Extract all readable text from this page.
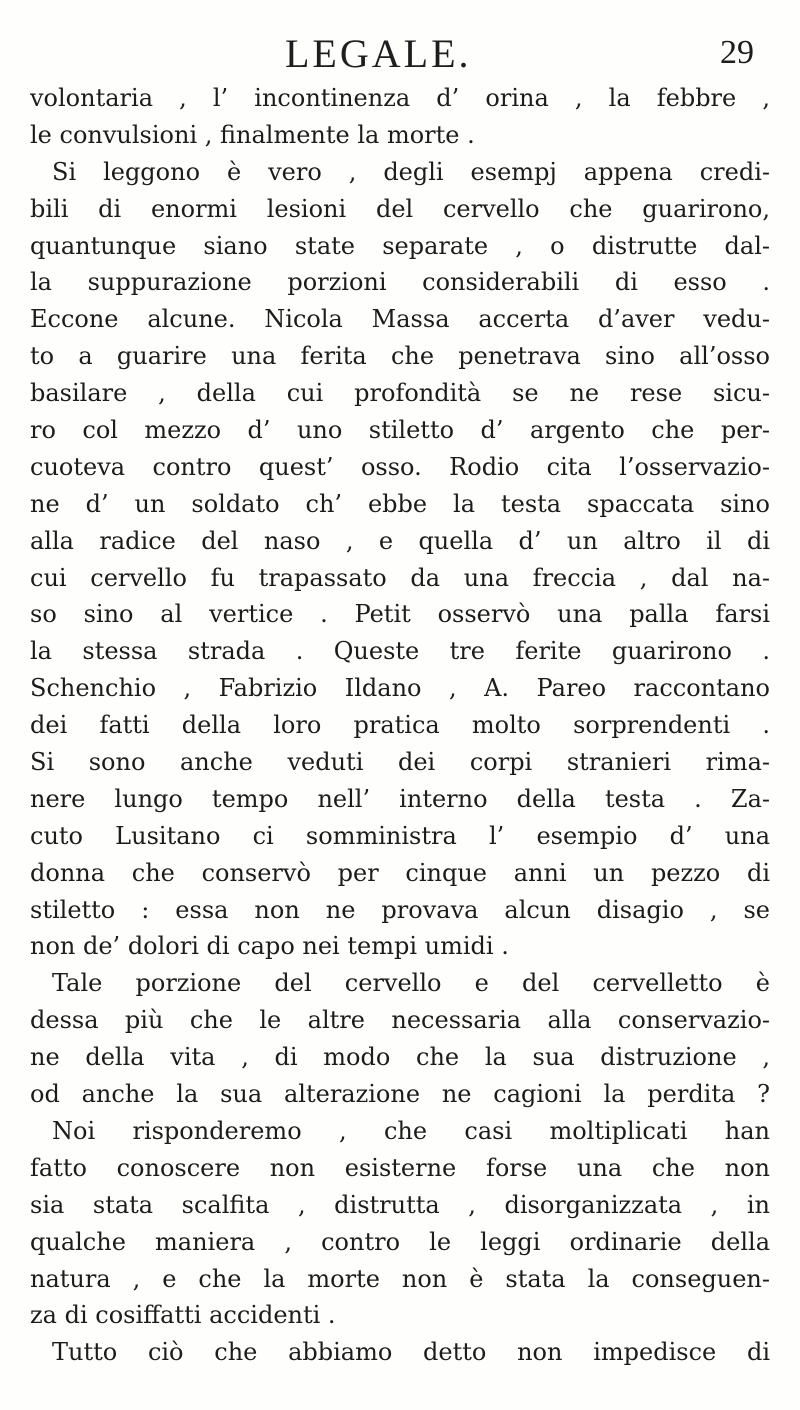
LEGALE.	29
volontaria , l’ incontinenza d’ orina , la febbre ,
le convulsioni , finalmente la morte .
Si leggono è vero , degli esempj appena credi-
bili di enormi lesioni del cervello che guarirono,
quantunque siano state separate , o distrutte dal-
la suppurazione porzioni considerabili di esso .
Eccone alcune. Nicola Massa accerta d’aver vedu-
to a guarire una ferita che penetrava sino all’osso
basilare , della cui profondità se ne rese sicu-
ro col mezzo d’ uno stiletto d’ argento che per-
cuoteva contro quest’ osso. Rodio cita l’osservazio-
ne d’ un soldato ch’ ebbe la testa spaccata sino
alla radice del naso , e quella d’ un altro il di
cui cervello fu trapassato da una freccia , dal na-
so sino al vertice . Petit osservò una palla farsi
la stessa strada . Queste tre ferite guarirono .
Schenchio , Fabrizio Ildano , A. Pareo raccontano
dei fatti della loro pratica molto sorprendenti .
Si sono anche veduti dei corpi stranieri rima-
nere lungo tempo nell’ interno della testa . Za-
cuto Lusitano ci somministra l’ esempio d’ una
donna che conservò per cinque anni un pezzo di
stiletto : essa non ne provava alcun disagio , se
non de’ dolori di capo nei tempi umidi .
Tale porzione del cervello e del cervelletto è
dessa più che le altre necessaria alla conservazio-
ne della vita , di modo che la sua distruzione ,
od anche la sua alterazione ne cagioni la perdita ?
Noi risponderemo , che casi moltiplicati han
fatto conoscere non esisterne forse una che non
sia stata scalfita , distrutta , disorganizzata , in
qualche maniera , contro le leggi ordinarie della
natura , e che la morte non è stata la conseguen-
za di cosiffatti accidenti .
Tutto ciò che abbiamo detto non impedisce di
